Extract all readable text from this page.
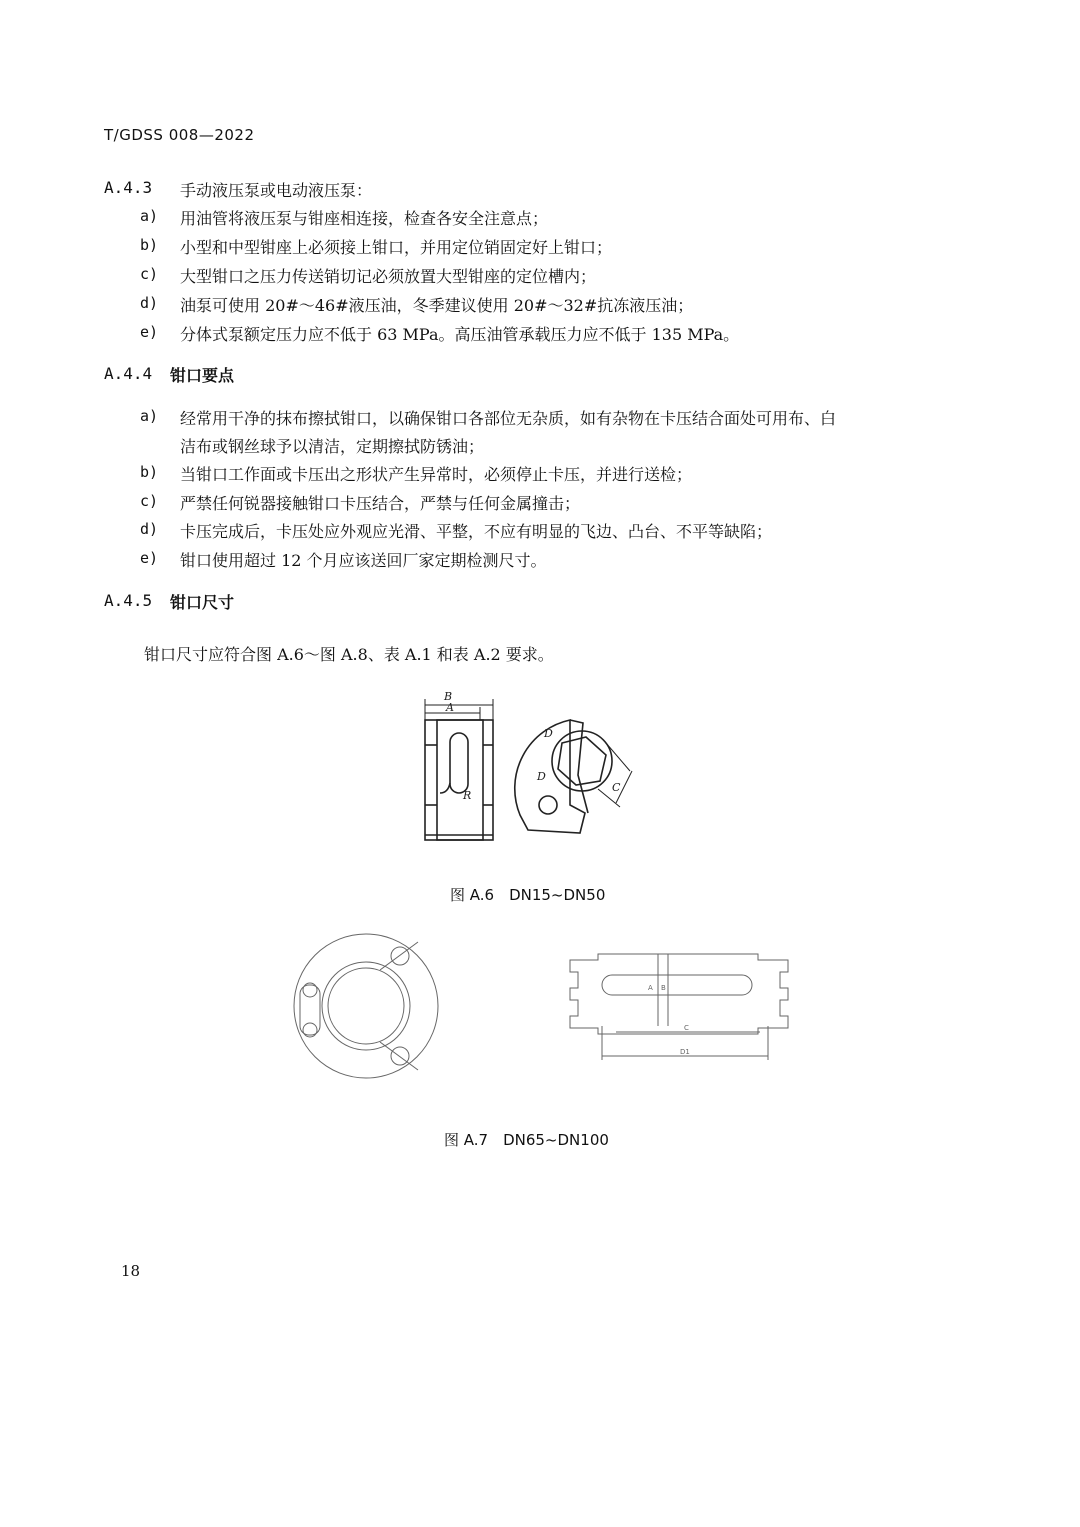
T/GDSS 008—2022
A.4.3 手动液压泵或电动液压泵：
a) 用油管将液压泵与钳座相连接，检查各安全注意点；
b) 小型和中型钳座上必须接上钳口，并用定位销固定好上钳口；
c) 大型钳口之压力传送销切记必须放置大型钳座的定位槽内；
d) 油泵可使用 20#～46#液压油，冬季建议使用 20#～32#抗冻液压油；
e) 分体式泵额定压力应不低于 63 MPa。高压油管承载压力应不低于 135 MPa。
A.4.4 钳口要点
a) 经常用干净的抹布擦拭钳口，以确保钳口各部位无杂质，如有杂物在卡压结合面处可用布、白
洁布或钢丝球予以清洁，定期擦拭防锈油；
b) 当钳口工作面或卡压出之形状产生异常时，必须停止卡压，并进行送检；
c) 严禁任何锐器接触钳口卡压结合，严禁与任何金属撞击；
d) 卡压完成后，卡压处应外观应光滑、平整，不应有明显的飞边、凸台、不平等缺陷；
e) 钳口使用超过 12 个月应该送回厂家定期检测尺寸。
A.4.5 钳口尺寸
钳口尺寸应符合图 A.6～图 A.8、表 A.1 和表 A.2 要求。
B
A
R
D
D
C
图 A.6　DN15~DN50
A B
C
D1
图 A.7　DN65~DN100
18
